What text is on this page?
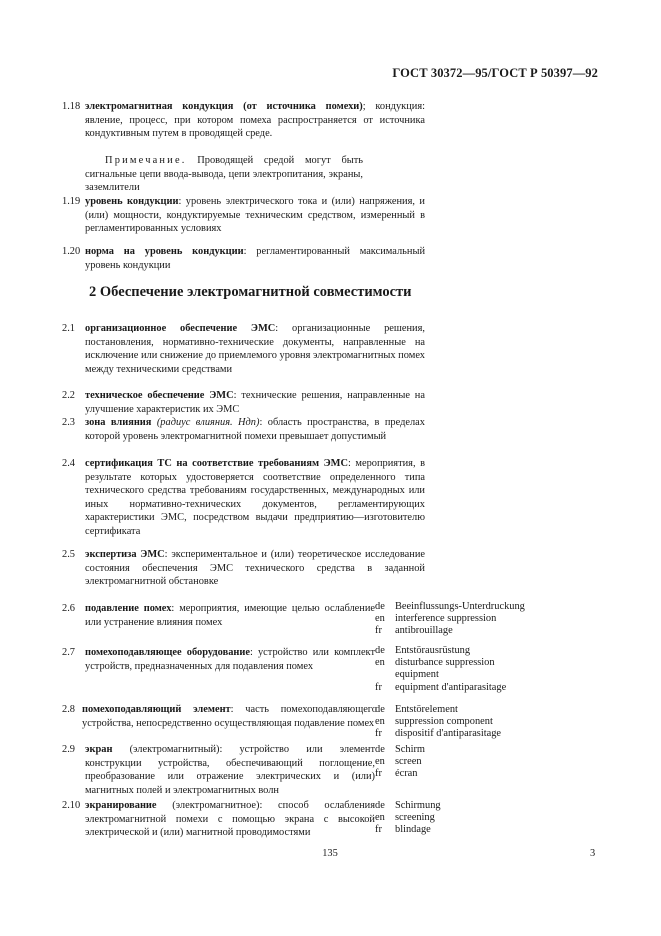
ГОСТ 30372—95/ГОСТ Р 50397—92
1.18 электромагнитная кондукция (от источника помехи); кондукция: явление, процесс, при котором помеха распространяется от источника кондуктивным путем в проводящей среде.
Примечание. Проводящей средой могут быть сигнальные цепи ввода-вывода, цепи электропитания, экраны, заземлители
1.19 уровень кондукции: уровень электрического тока и (или) напряжения, и (или) мощности, кондуктируемые техническим средством, измеренный в регламентированных условиях
1.20 норма на уровень кондукции: регламентированный максимальный уровень кондукции
2 Обеспечение электромагнитной совместимости
2.1 организационное обеспечение ЭМС: организационные решения, постановления, нормативно-технические документы, направленные на исключение или снижение до приемлемого уровня электромагнитных помех между техническими средствами
2.2 техническое обеспечение ЭМС: технические решения, направленные на улучшение характеристик их ЭМС
2.3 зона влияния (радиус влияния. Ндп): область пространства, в пределах которой уровень электромагнитной помехи превышает допустимый
2.4 сертификация ТС на соответствие требованиям ЭМС: мероприятия, в результате которых удостоверяется соответствие определенного типа технического средства требованиям государственных, международных или иных нормативно-технических документов, регламентирующих характеристики ЭМС, посредством выдачи предприятию—изготовителю сертификата
2.5 экспертиза ЭМС: экспериментальное и (или) теоретическое исследование состояния обеспечения ЭМС технического средства в заданной электромагнитной обстановке
2.6 подавление помех: мероприятия, имеющие целью ослабление или устранение влияния помех
de Beeinflussungs-Unterdruckung
en interference suppression
fr	antibrouillage
2.7 помехоподавляющее оборудование: устройство или комплект устройств, предназначенных для подавления помех
de Entstörausrüstung
en disturbance suppression
equipment
fr	equipment d'antiparasitage
2.8 помехоподавляющий элемент: часть помехоподавляющего устройства, непосредственно осуществляющая подавление помех
de Entstörelement
en suppression component
fr	dispositif d'antiparasitage
2.9 экран (электромагнитный): устройство или элемент конструкции устройства, обеспечивающий поглощение, преобразование или отражение электрических и (или) магнитных полей и электромагнитных волн
de Schirm
en screen
fr	écran
2.10 экранирование (электромагнитное): способ ослабления электромагнитной помехи с помощью экрана с высокой электрической и (или) магнитной проводимостями
de Schirmung
en screening
fr	blindage
135	3
